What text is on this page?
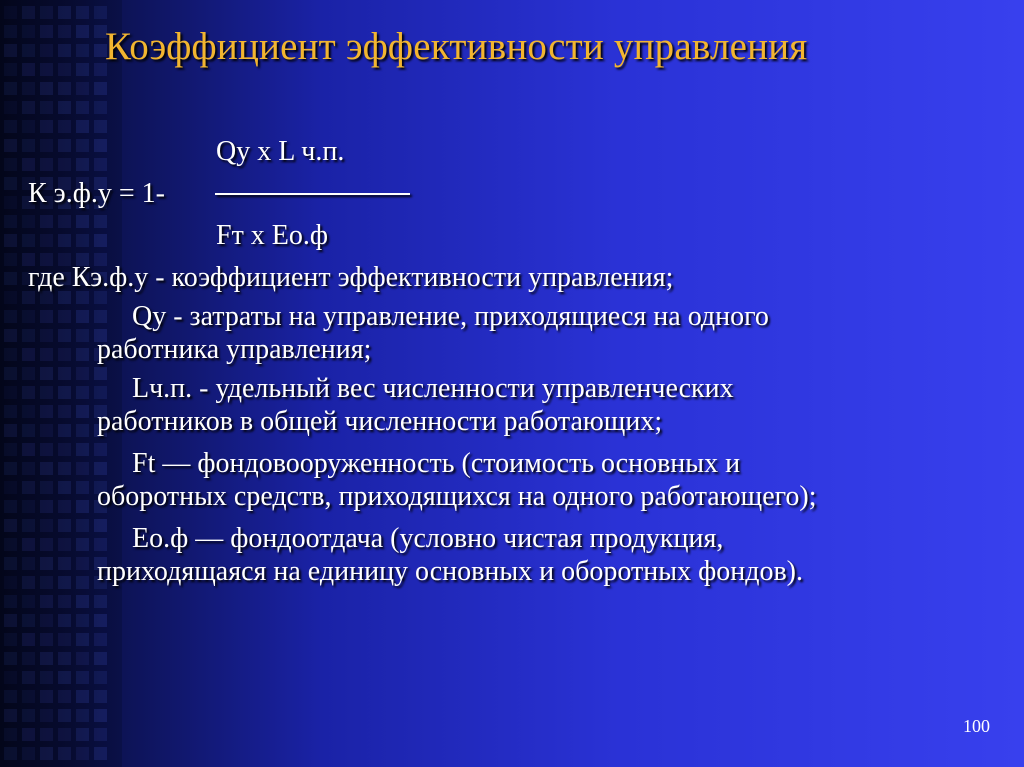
Коэффициент эффективности управления
Qy x L ч.п.
К э.ф.у = 1-
Fт x Ео.ф
где Кэ.ф.у - коэффициент эффективности управления;
Qy - затраты на управление, приходящиеся на одного
работника управления;
Lч.п. - удельный вес численности управленческих
работников в общей численности работающих;
Ft — фондовооруженность (стоимость основных и
оборотных средств, приходящихся на одного работающего);
Ео.ф — фондоотдача (условно чистая продукция,
приходящаяся на единицу основных и оборотных фондов).
100
